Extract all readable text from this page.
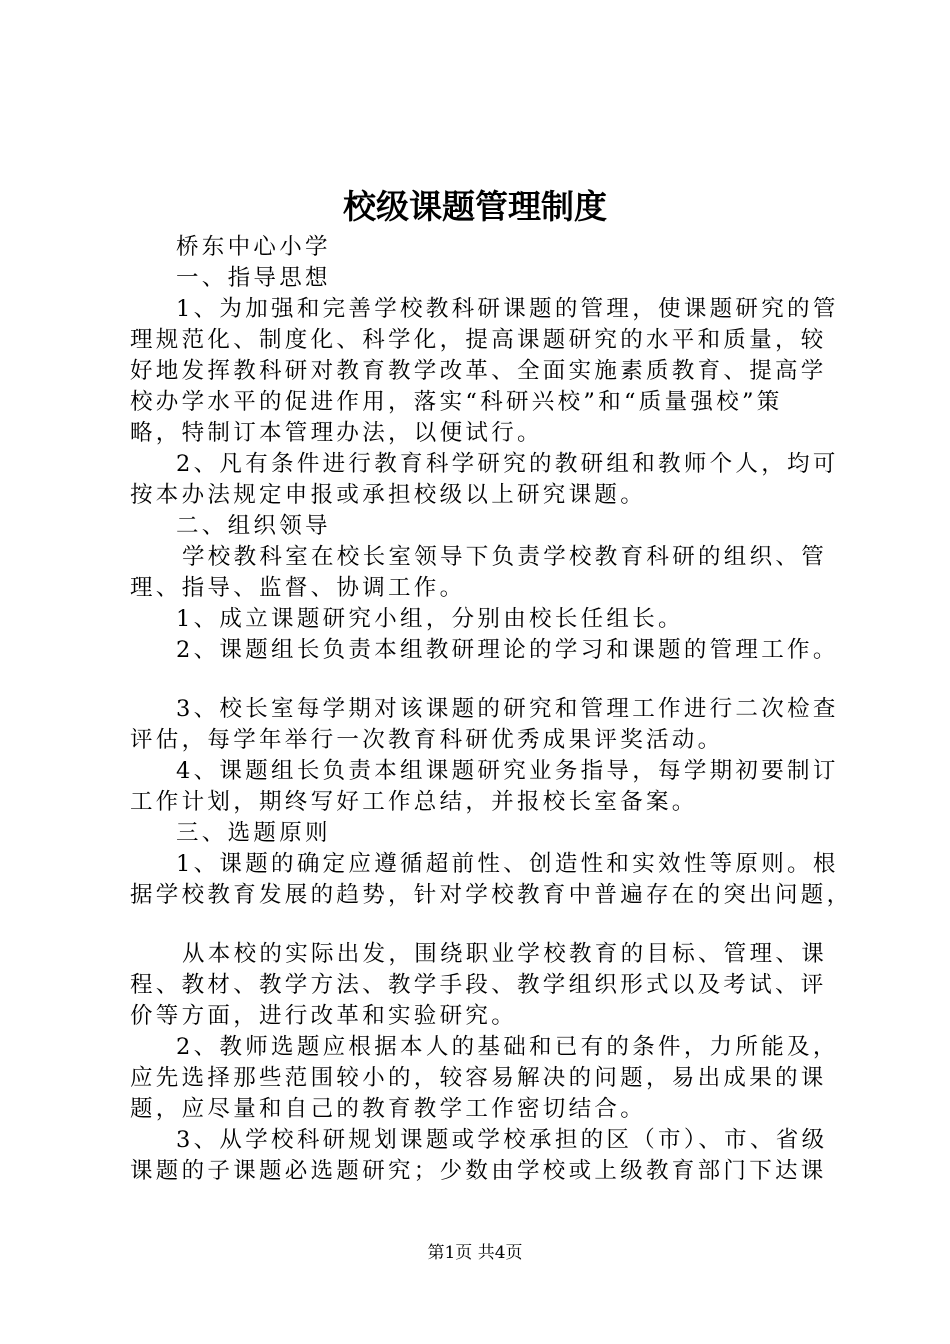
校级课题管理制度
桥东中心小学
一、指导思想
1、为加强和完善学校教科研课题的管理，使课题研究的管
理规范化、制度化、科学化，提高课题研究的水平和质量，较
好地发挥教科研对教育教学改革、全面实施素质教育、提高学
校办学水平的促进作用，落实“科研兴校”和“质量强校”策
略，特制订本管理办法，以便试行。
2、凡有条件进行教育科学研究的教研组和教师个人，均可
按本办法规定申报或承担校级以上研究课题。
二、组织领导
学校教科室在校长室领导下负责学校教育科研的组织、管
理、指导、监督、协调工作。
1、成立课题研究小组，分别由校长任组长。
2、课题组长负责本组教研理论的学习和课题的管理工作。
3、校长室每学期对该课题的研究和管理工作进行二次检查
评估，每学年举行一次教育科研优秀成果评奖活动。
4、课题组长负责本组课题研究业务指导，每学期初要制订
工作计划，期终写好工作总结，并报校长室备案。
三、选题原则
1、课题的确定应遵循超前性、创造性和实效性等原则。根
据学校教育发展的趋势，针对学校教育中普遍存在的突出问题，
从本校的实际出发，围绕职业学校教育的目标、管理、课
程、教材、教学方法、教学手段、教学组织形式以及考试、评
价等方面，进行改革和实验研究。
2、教师选题应根据本人的基础和已有的条件，力所能及，
应先选择那些范围较小的，较容易解决的问题，易出成果的课
题，应尽量和自己的教育教学工作密切结合。
3、从学校科研规划课题或学校承担的区（市）、市、省级
课题的子课题必选题研究；少数由学校或上级教育部门下达课
第1页 共4页
